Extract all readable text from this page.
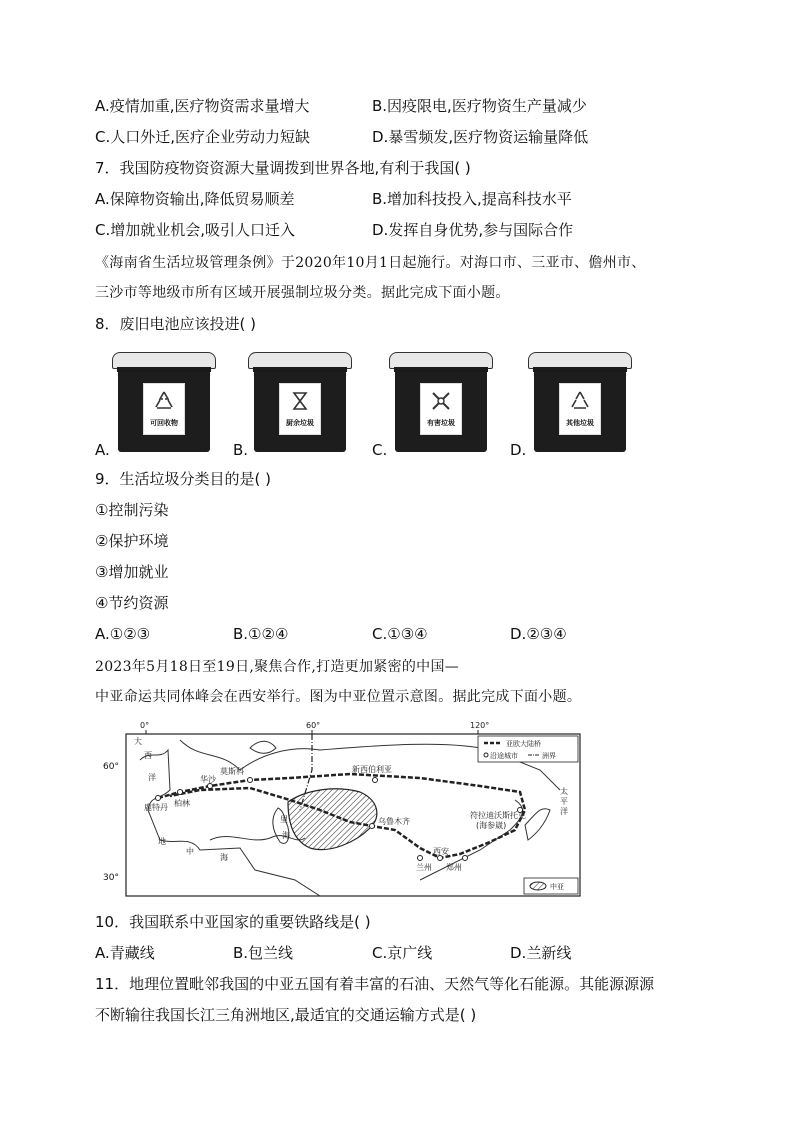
A.疫情加重,医疗物资需求量增大	B.因疫限电,医疗物资生产量减少
C.人口外迁,医疗企业劳动力短缺	D.暴雪频发,医疗物资运输量降低
7．我国防疫物资资源大量调拨到世界各地,有利于我国( )
A.保障物资输出,降低贸易顺差	B.增加科技投入,提高科技水平
C.增加就业机会,吸引人口迁入	D.发挥自身优势,参与国际合作
《海南省生活垃圾管理条例》于2020年10月1日起施行。对海口市、三亚市、儋州市、
三沙市等地级市所有区域开展强制垃圾分类。据此完成下面小题。
8．废旧电池应该投进( )
A.	B.	C.	D.
可回收物	厨余垃圾	有害垃圾	其他垃圾
9．生活垃圾分类目的是( )
①控制污染
②保护环境
③增加就业
④节约资源
A.①②③	B.①②④	C.①③④	D.②③④
2023年5月18日至19日,聚焦合作,打造更加紧密的中国—
中亚命运共同体峰会在西安举行。图为中亚位置示意图。据此完成下面小题。
0°	60°	120°
亚欧大陆桥
沿途城市	洲界
中亚
大
西
洋
莫斯科
华沙
柏林
鹿特丹
新西伯利亚
乌鲁木齐
符拉迪沃斯托克
(海参崴)
太
平
洋
地
中
海
里
海
西安
兰州 郑州
60°
30°
10．我国联系中亚国家的重要铁路线是( )
A.青藏线	B.包兰线	C.京广线	D.兰新线
11．地理位置毗邻我国的中亚五国有着丰富的石油、天然气等化石能源。其能源源源
不断输往我国长江三角洲地区,最适宜的交通运输方式是( )
